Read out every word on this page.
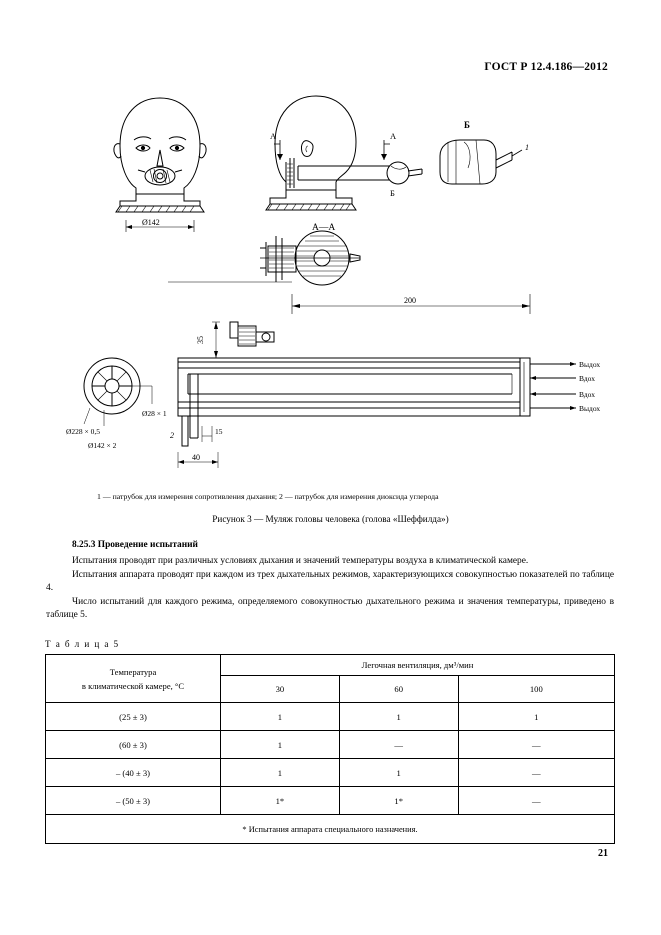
ГОСТ Р 12.4.186—2012
Ø142
А—А
А	А
Б
Б
1
200
35
40
15
2
Ø228 × 0,5
Ø142 × 2
Ø28 × 1
Выдох
Вдох
Вдох
Выдох
1 — патрубок для измерения сопротивления дыхания; 2 — патрубок для измерения диоксида углерода
Рисунок 3 — Муляж головы человека (голова «Шеффилда»)
8.25.3 Проведение испытаний

Испытания проводят при различных условиях дыхания и значений температуры воздуха в климатической камере.

Испытания аппарата проводят при каждом из трех дыхательных режимов, характеризующихся совокупностью показателей по таблице 4.

Число испытаний для каждого режима, определяемого совокупностью дыхательного режима и значения температуры, приведено в таблице 5.

Т а б л и ц а 5
Температура
в климатической камере, °С	Легочная вентиляция, дм³/мин		
	30	60	100
(25 ± 3)	1	1	1
(60 ± 3)	1	—	—
– (40 ± 3)	1	1	—
– (50 ± 3)	1*	1*	—
* Испытания аппарата специального назначения.			
21
